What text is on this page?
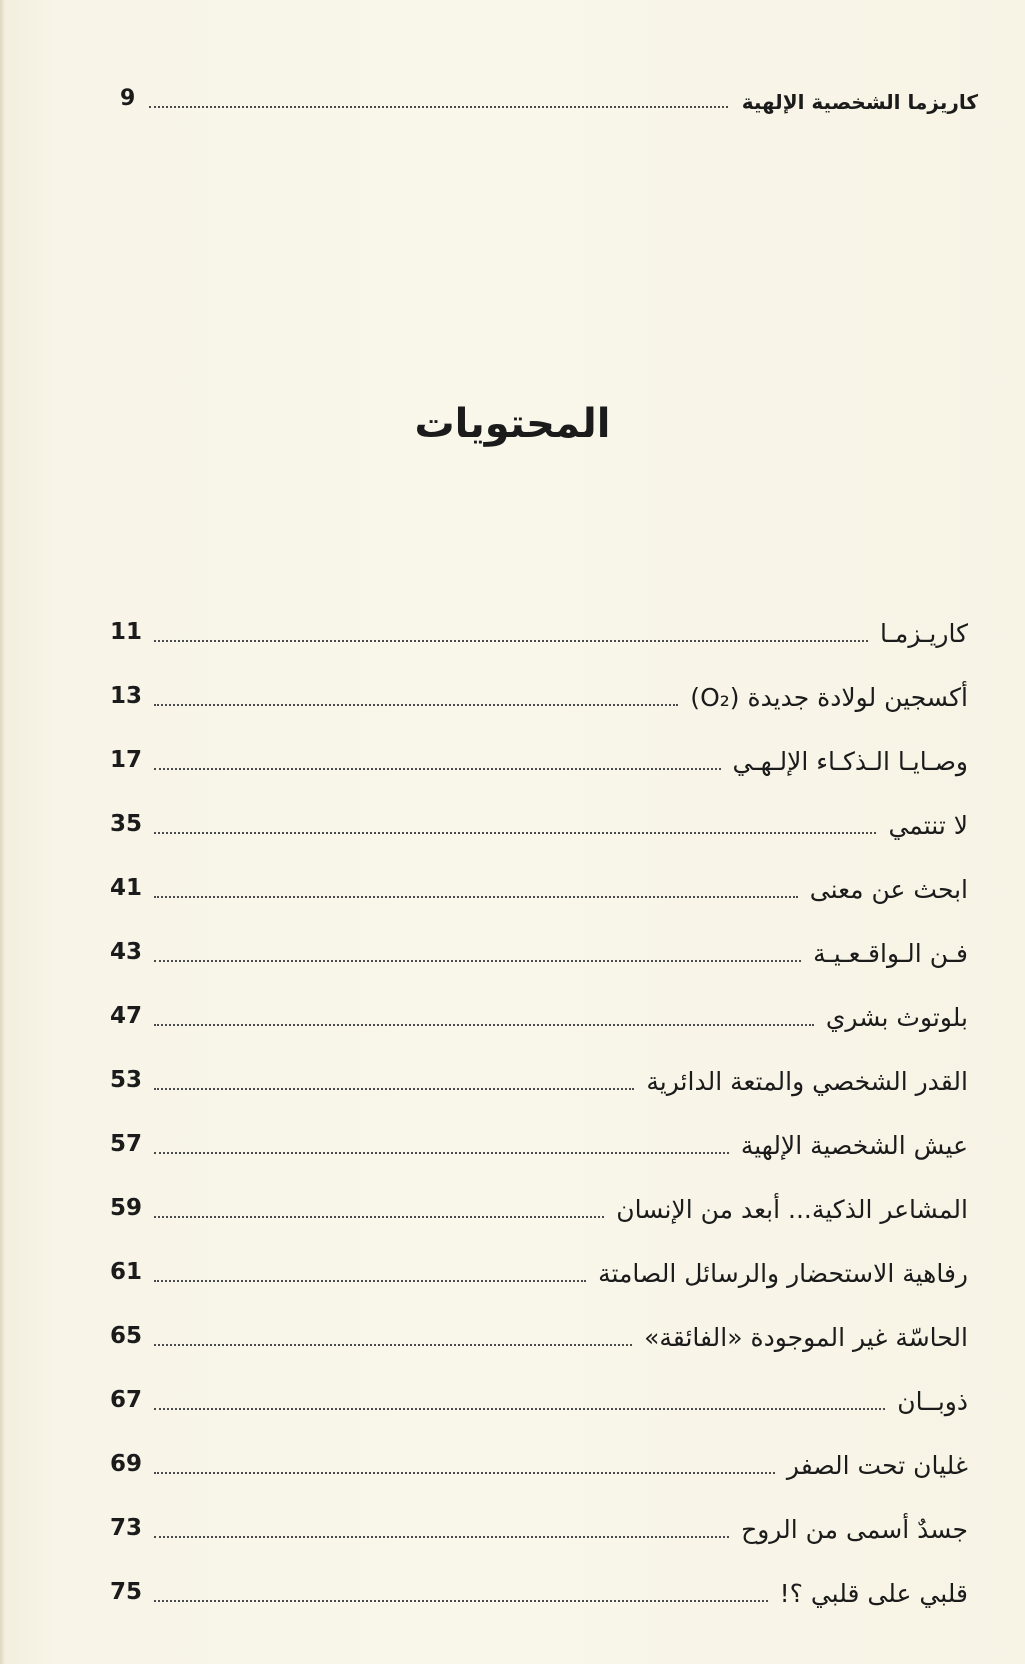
كاريزما الشخصية الإلهية
9
المحتويات
كاريـزمـا
11
أكسجين لولادة جديدة (O₂)
13
وصـايـا الـذكـاء الإلـهـي
17
لا تنتمي
35
ابحث عن معنى
41
فـن الـواقـعـيـة
43
بلوتوث بشري
47
القدر الشخصي والمتعة الدائرية
53
عيش الشخصية الإلهية
57
المشاعر الذكية... أبعد من الإنسان
59
رفاهية الاستحضار والرسائل الصامتة
61
الحاسّة غير الموجودة «الفائقة»
65
ذوبــان
67
غليان تحت الصفر
69
جسدٌ أسمى من الروح
73
قلبي على قلبي ؟!
75
